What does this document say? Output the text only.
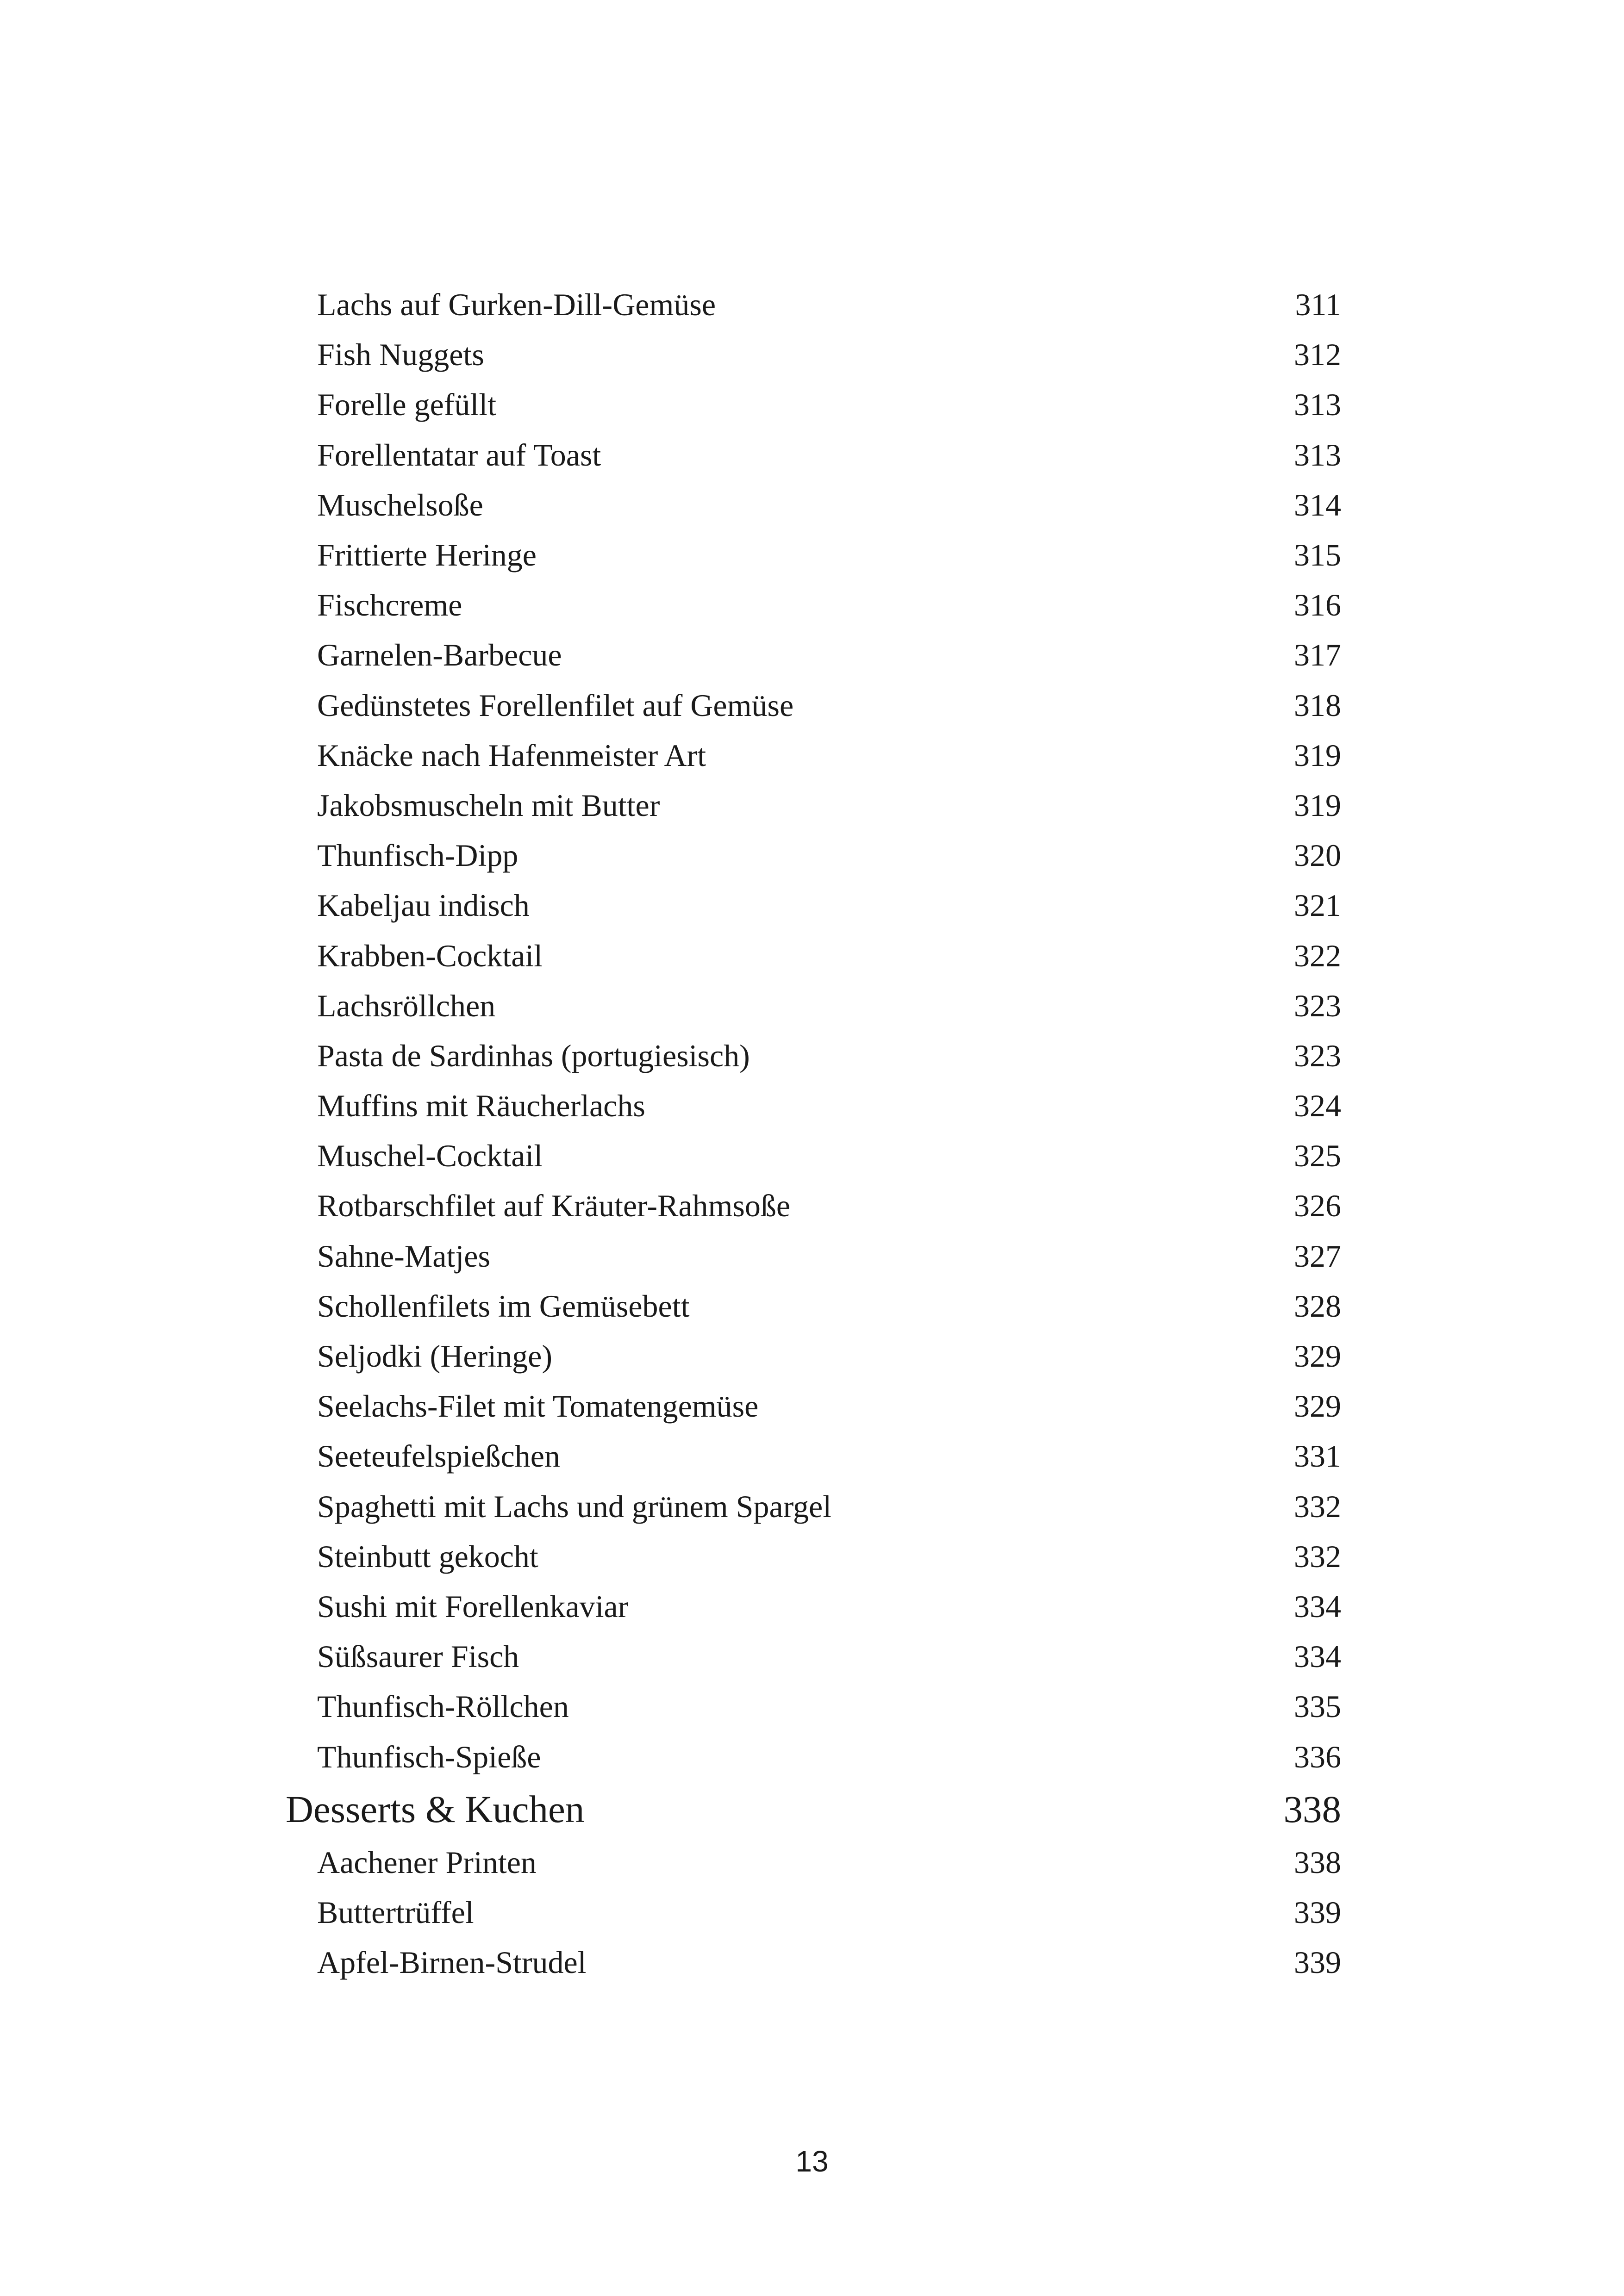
Lachs auf Gurken-Dill-Gemüse	311
Fish Nuggets	312
Forelle gefüllt	313
Forellentatar auf Toast	313
Muschelsoße	314
Frittierte Heringe	315
Fischcreme	316
Garnelen-Barbecue	317
Gedünstetes Forellenfilet auf Gemüse	318
Knäcke nach Hafenmeister Art	319
Jakobsmuscheln mit Butter	319
Thunfisch-Dipp	320
Kabeljau indisch	321
Krabben-Cocktail	322
Lachsröllchen	323
Pasta de Sardinhas (portugiesisch)	323
Muffins mit Räucherlachs	324
Muschel-Cocktail	325
Rotbarschfilet auf Kräuter-Rahmsoße	326
Sahne-Matjes	327
Schollenfilets im Gemüsebett	328
Seljodki (Heringe)	329
Seelachs-Filet mit Tomatengemüse	329
Seeteufelspießchen	331
Spaghetti mit Lachs und grünem Spargel	332
Steinbutt gekocht	332
Sushi mit Forellenkaviar	334
Süßsaurer Fisch	334
Thunfisch-Röllchen	335
Thunfisch-Spieße	336
Desserts & Kuchen	338
Aachener Printen	338
Buttertrüffel	339
Apfel-Birnen-Strudel	339
13
